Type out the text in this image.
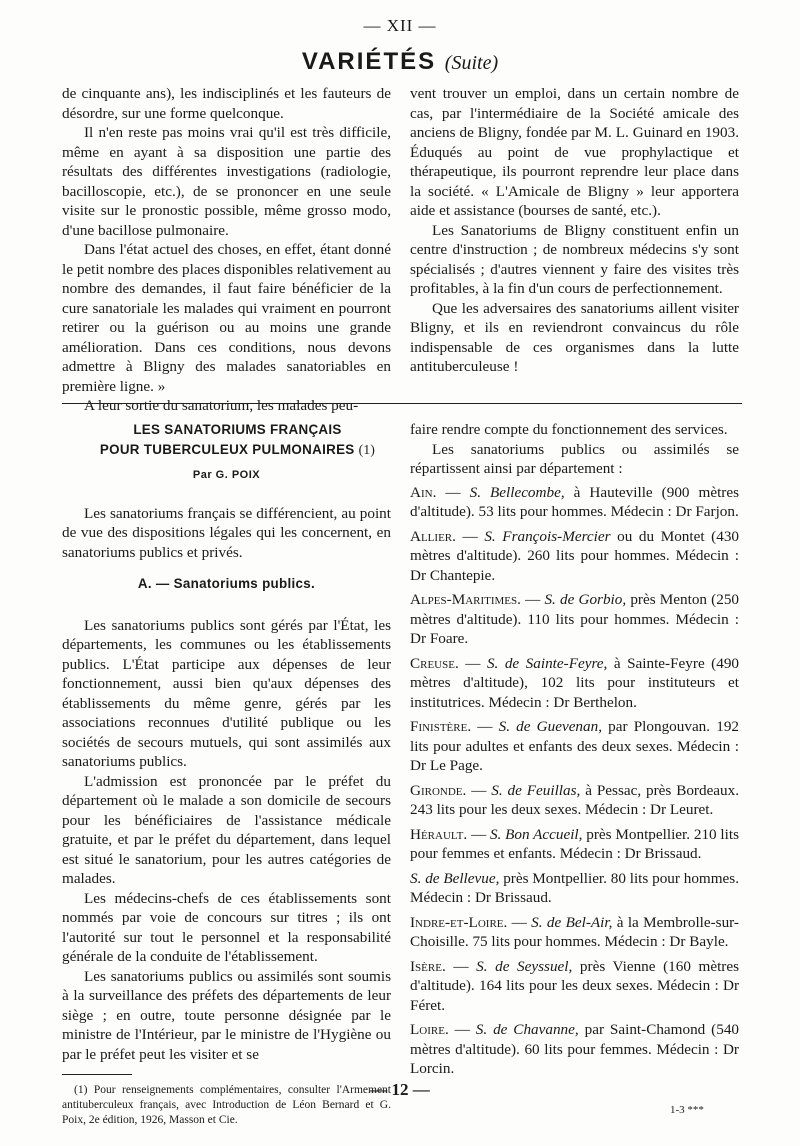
— XII —
VARIÉTÉS (Suite)

de cinquante ans), les indisciplinés et les fauteurs de désordre, sur une forme quelconque.

Il n'en reste pas moins vrai qu'il est très difficile, même en ayant à sa disposition une partie des résultats des différentes investigations (radiologie, bacilloscopie, etc.), de se prononcer en une seule visite sur le pronostic possible, même grosso modo, d'une bacillose pulmonaire.

Dans l'état actuel des choses, en effet, étant donné le petit nombre des places disponibles relativement au nombre des demandes, il faut faire bénéficier de la cure sanatoriale les malades qui vraiment en pourront retirer ou la guérison ou au moins une grande amélioration. Dans ces conditions, nous devons admettre à Bligny des malades sanatoriables en première ligne. »

A leur sortie du sanatorium, les malades peu-

vent trouver un emploi, dans un certain nombre de cas, par l'intermédiaire de la Société amicale des anciens de Bligny, fondée par M. L. Guinard en 1903. Éduqués au point de vue prophylactique et thérapeutique, ils pourront reprendre leur place dans la société. « L'Amicale de Bligny » leur apportera aide et assistance (bourses de santé, etc.).

Les Sanatoriums de Bligny constituent enfin un centre d'instruction ; de nombreux médecins s'y sont spécialisés ; d'autres viennent y faire des visites très profitables, à la fin d'un cours de perfectionnement.

Que les adversaires des sanatoriums aillent visiter Bligny, et ils en reviendront convaincus du rôle indispensable de ces organismes dans la lutte antituberculeuse !

LES SANATORIUMS FRANÇAIS

POUR TUBERCULEUX PULMONAIRES (1)

Par G. POIX

Les sanatoriums français se différencient, au point de vue des dispositions légales qui les concernent, en sanatoriums publics et privés.

A. — Sanatoriums publics.

Les sanatoriums publics sont gérés par l'État, les départements, les communes ou les établissements publics. L'État participe aux dépenses de leur fonctionnement, aussi bien qu'aux dépenses des établissements du même genre, gérés par les associations reconnues d'utilité publique ou les sociétés de secours mutuels, qui sont assimilés aux sanatoriums publics.

L'admission est prononcée par le préfet du département où le malade a son domicile de secours pour les bénéficiaires de l'assistance médicale gratuite, et par le préfet du département, dans lequel est situé le sanatorium, pour les autres catégories de malades.

Les médecins-chefs de ces établissements sont nommés par voie de concours sur titres ; ils ont l'autorité sur tout le personnel et la responsabilité générale de la conduite de l'établissement.

Les sanatoriums publics ou assimilés sont soumis à la surveillance des préfets des départements de leur siège ; en outre, toute personne désignée par le ministre de l'Intérieur, par le ministre de l'Hygiène ou par le préfet peut les visiter et se

(1) Pour renseignements complémentaires, consulter l'Armement antituberculeux français, avec Introduction de Léon Bernard et G. Poix, 2e édition, 1926, Masson et Cie.

faire rendre compte du fonctionnement des services.

Les sanatoriums publics ou assimilés se répartissent ainsi par département :

Ain. — S. Bellecombe, à Hauteville (900 mètres d'altitude). 53 lits pour hommes. Médecin : Dr Farjon.

Allier. — S. François-Mercier ou du Montet (430 mètres d'altitude). 260 lits pour hommes. Médecin : Dr Chantepie.

Alpes-Maritimes. — S. de Gorbio, près Menton (250 mètres d'altitude). 110 lits pour hommes. Médecin : Dr Foare.

Creuse. — S. de Sainte-Feyre, à Sainte-Feyre (490 mètres d'altitude), 102 lits pour instituteurs et institutrices. Médecin : Dr Berthelon.

Finistère. — S. de Guevenan, par Plongouvan. 192 lits pour adultes et enfants des deux sexes. Médecin : Dr Le Page.

Gironde. — S. de Feuillas, à Pessac, près Bordeaux. 243 lits pour les deux sexes. Médecin : Dr Leuret.

Hérault. — S. Bon Accueil, près Montpellier. 210 lits pour femmes et enfants. Médecin : Dr Brissaud.

S. de Bellevue, près Montpellier. 80 lits pour hommes. Médecin : Dr Brissaud.

Indre-et-Loire. — S. de Bel-Air, à la Membrolle-sur-Choisille. 75 lits pour hommes. Médecin : Dr Bayle.

Isère. — S. de Seyssuel, près Vienne (160 mètres d'altitude). 164 lits pour les deux sexes. Médecin : Dr Féret.

Loire. — S. de Chavanne, par Saint-Chamond (540 mètres d'altitude). 60 lits pour femmes. Médecin : Dr Lorcin.

— 12 —
1-3 ***
